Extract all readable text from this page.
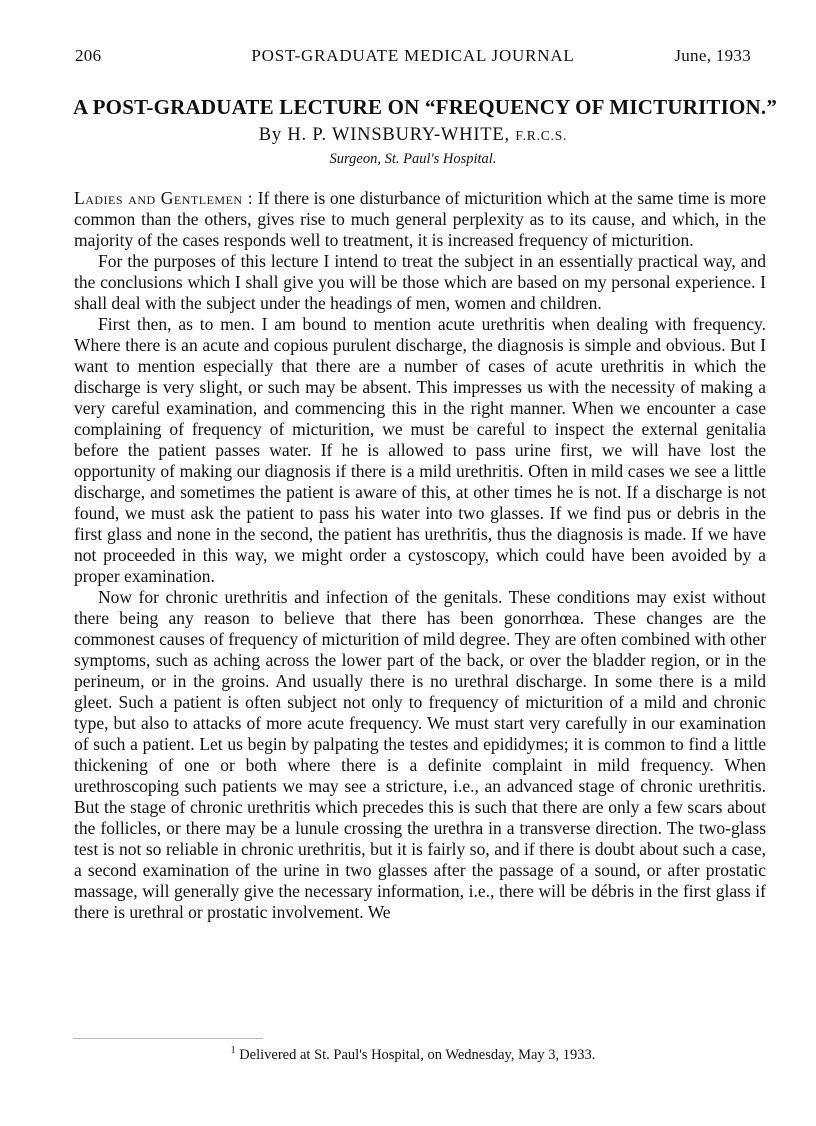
206	POST-GRADUATE MEDICAL JOURNAL	June, 1933
A POST-GRADUATE LECTURE ON “FREQUENCY OF MICTURITION.”
By H. P. WINSBURY-WHITE, F.R.C.S.
Surgeon, St. Paul's Hospital.

Ladies and Gentlemen : If there is one disturbance of micturition which at the same time is more common than the others, gives rise to much general perplexity as to its cause, and which, in the majority of the cases responds well to treatment, it is increased frequency of micturition.

For the purposes of this lecture I intend to treat the subject in an essentially practical way, and the conclusions which I shall give you will be those which are based on my personal experience. I shall deal with the subject under the headings of men, women and children.

First then, as to men. I am bound to mention acute urethritis when dealing with frequency. Where there is an acute and copious purulent discharge, the diagnosis is simple and obvious. But I want to mention especially that there are a number of cases of acute urethritis in which the discharge is very slight, or such may be absent. This impresses us with the necessity of making a very careful examination, and commencing this in the right manner. When we encounter a case complaining of frequency of micturition, we must be careful to inspect the external genitalia before the patient passes water. If he is allowed to pass urine first, we will have lost the opportunity of making our diagnosis if there is a mild urethritis. Often in mild cases we see a little discharge, and sometimes the patient is aware of this, at other times he is not. If a discharge is not found, we must ask the patient to pass his water into two glasses. If we find pus or debris in the first glass and none in the second, the patient has urethritis, thus the diagnosis is made. If we have not proceeded in this way, we might order a cystoscopy, which could have been avoided by a proper examination.

Now for chronic urethritis and infection of the genitals. These conditions may exist without there being any reason to believe that there has been gonorrhœa. These changes are the commonest causes of frequency of micturition of mild degree. They are often combined with other symptoms, such as aching across the lower part of the back, or over the bladder region, or in the perineum, or in the groins. And usually there is no urethral discharge. In some there is a mild gleet. Such a patient is often subject not only to frequency of micturition of a mild and chronic type, but also to attacks of more acute frequency. We must start very carefully in our examination of such a patient. Let us begin by palpating the testes and epididymes; it is common to find a little thickening of one or both where there is a definite complaint in mild frequency. When urethroscoping such patients we may see a stricture, i.e., an advanced stage of chronic urethritis. But the stage of chronic urethritis which precedes this is such that there are only a few scars about the follicles, or there may be a lunule crossing the urethra in a transverse direction. The two-glass test is not so reliable in chronic urethritis, but it is fairly so, and if there is doubt about such a case, a second examination of the urine in two glasses after the passage of a sound, or after prostatic massage, will generally give the necessary information, i.e., there will be débris in the first glass if there is urethral or prostatic involvement. We

$^1$ Delivered at St. Paul's Hospital, on Wednesday, May 3, 1933.
